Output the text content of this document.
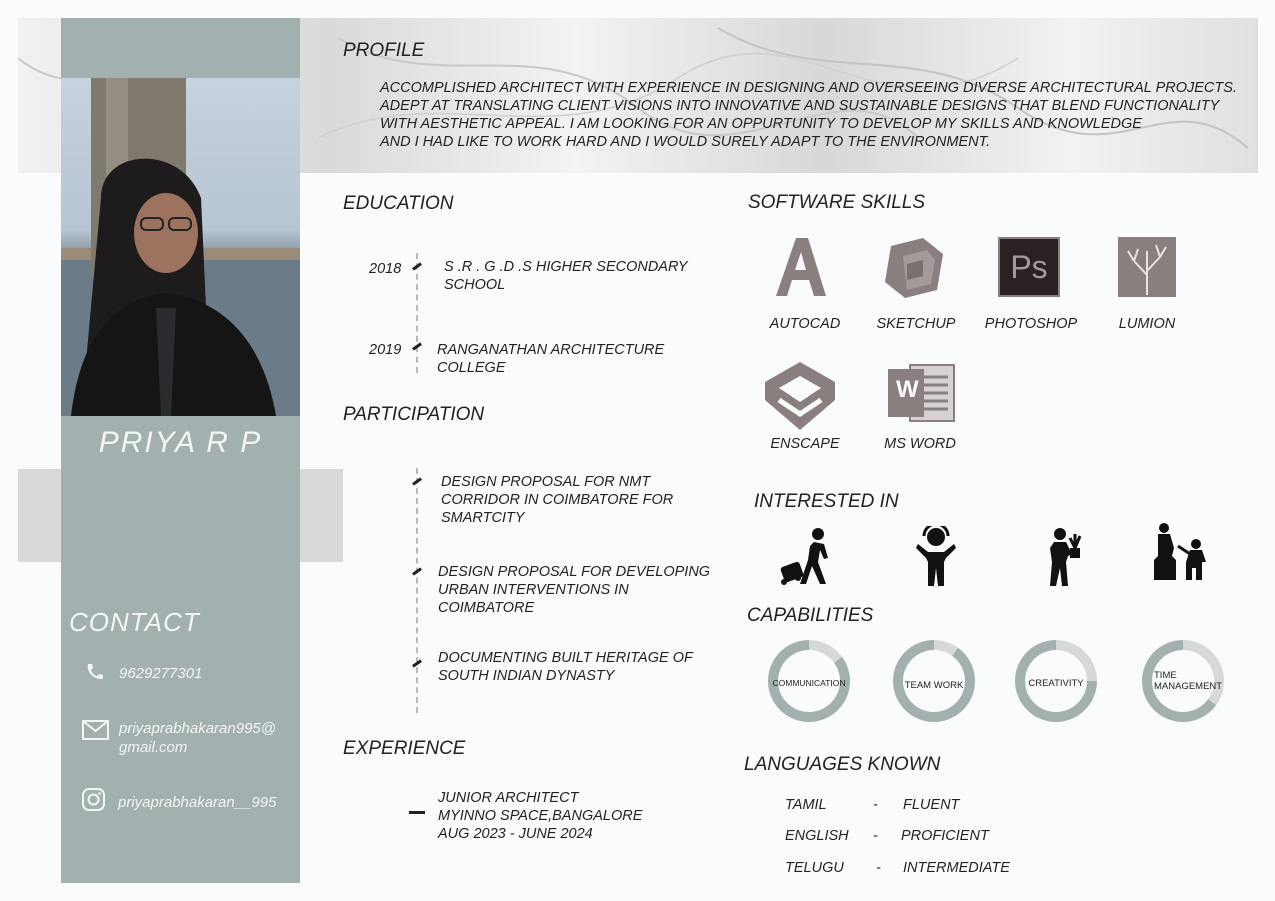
PRIYA R P
CONTACT
9629277301
priyaprabhakaran995@
gmail.com
priyaprabhakaran__995
PROFILE
ACCOMPLISHED ARCHITECT WITH EXPERIENCE IN DESIGNING AND OVERSEEING DIVERSE ARCHITECTURAL PROJECTS.
ADEPT AT TRANSLATING CLIENT VISIONS INTO INNOVATIVE AND SUSTAINABLE DESIGNS THAT BLEND FUNCTIONALITY
WITH AESTHETIC APPEAL. I AM LOOKING FOR AN OPPURTUNITY TO DEVELOP MY SKILLS AND KNOWLEDGE
AND I HAD LIKE TO WORK HARD AND I WOULD SURELY ADAPT TO THE ENVIRONMENT.
EDUCATION
2018	S .R . G .D .S HIGHER SECONDARY
SCHOOL
2019 RANGANATHAN ARCHITECTURE
COLLEGE
PARTICIPATION
DESIGN PROPOSAL FOR NMT
CORRIDOR IN COIMBATORE FOR
SMARTCITY
DESIGN PROPOSAL FOR DEVELOPING
URBAN INTERVENTIONS IN
COIMBATORE
DOCUMENTING BUILT HERITAGE OF
SOUTH INDIAN DYNASTY
EXPERIENCE
JUNIOR ARCHITECT
MYINNO SPACE,BANGALORE
AUG 2023 - JUNE 2024
SOFTWARE SKILLS
AUTOCAD	SKETCHUP
Ps
PHOTOSHOP	LUMION
ENSCAPE
W
MS WORD
INTERESTED IN
CAPABILITIES
COMMUNICATION	TEAM WORK	CREATIVITY
TIME
MANAGEMENT
LANGUAGES KNOWN
TAMIL	- FLUENT
ENGLISH - PROFICIENT
TELUGU - INTERMEDIATE
